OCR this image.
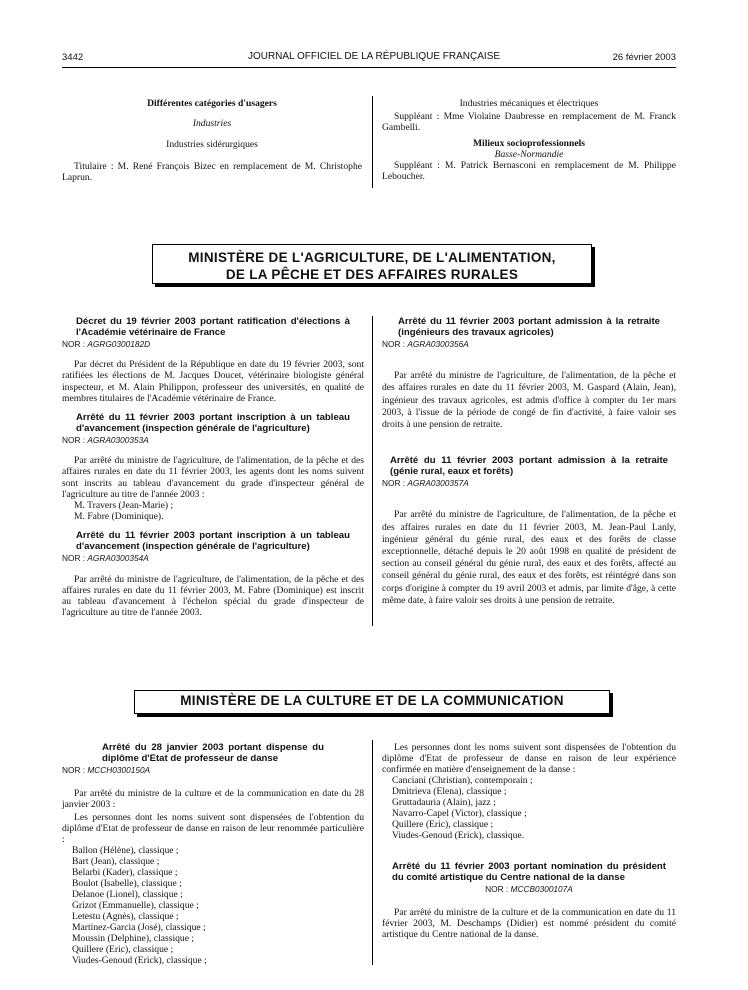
3442	JOURNAL OFFICIEL DE LA RÉPUBLIQUE FRANÇAISE	26 février 2003

Différentes catégories d'usagers

Industries

Industries sidérurgiques

Titulaire : M. René François Bizec en remplacement de M. Christophe Laprun.

Industries mécaniques et électriques

Suppléant : Mme Violaine Daubresse en remplacement de M. Franck Gambelli.

Milieux socioprofessionnels

Basse-Normandie

Suppléant : M. Patrick Bernasconi en remplacement de M. Philippe Leboucher.

MINISTÈRE DE L'AGRICULTURE, DE L'ALIMENTATION,
DE LA PÊCHE ET DES AFFAIRES RURALES

Décret du 19 février 2003 portant ratification d'élections à l'Académie vétérinaire de France

NOR : AGRG0300182D

Par décret du Président de la République en date du 19 février 2003, sont ratifiées les élections de M. Jacques Doucet, vétérinaire biologiste général inspecteur, et M. Alain Philippon, professeur des universités, en qualité de membres titulaires de l'Académie vétérinaire de France.

Arrêté du 11 février 2003 portant inscription à un tableau d'avancement (inspection générale de l'agriculture)

NOR : AGRA0300353A

Par arrêté du ministre de l'agriculture, de l'alimentation, de la pêche et des affaires rurales en date du 11 février 2003, les agents dont les noms suivent sont inscrits au tableau d'avancement du grade d'inspecteur général de l'agriculture au titre de l'année 2003 :

M. Travers (Jean-Marie) ;

M. Fabre (Dominique).

Arrêté du 11 février 2003 portant inscription à un tableau d'avancement (inspection générale de l'agriculture)

NOR : AGRA0300354A

Par arrêté du ministre de l'agriculture, de l'alimentation, de la pêche et des affaires rurales en date du 11 février 2003, M. Fabre (Dominique) est inscrit au tableau d'avancement à l'échelon spécial du grade d'inspecteur de l'agriculture au titre de l'année 2003.

Arrêté du 11 février 2003 portant admission à la retraite (ingénieurs des travaux agricoles)

NOR : AGRA0300356A

Par arrêté du ministre de l'agriculture, de l'alimentation, de la pêche et des affaires rurales en date du 11 février 2003, M. Gaspard (Alain, Jean), ingénieur des travaux agricoles, est admis d'office à compter du 1er mars 2003, à l'issue de la période de congé de fin d'activité, à faire valoir ses droits à une pension de retraite.

Arrêté du 11 février 2003 portant admission à la retraite (génie rural, eaux et forêts)

NOR : AGRA0300357A

Par arrêté du ministre de l'agriculture, de l'alimentation, de la pêche et des affaires rurales en date du 11 février 2003, M. Jean-Paul Lanly, ingénieur général du génie rural, des eaux et des forêts de classe exceptionnelle, détaché depuis le 20 août 1998 en qualité de président de section au conseil général du génie rural, des eaux et des forêts, affecté au conseil général du génie rural, des eaux et des forêts, est réintégré dans son corps d'origine à compter du 19 avril 2003 et admis, par limite d'âge, à cette même date, à faire valoir ses droits à une pension de retraite.

MINISTÈRE DE LA CULTURE ET DE LA COMMUNICATION

Arrêté du 28 janvier 2003 portant dispense du diplôme d'Etat de professeur de danse

NOR : MCCH0300150A

Par arrêté du ministre de la culture et de la communication en date du 28 janvier 2003 :

Les personnes dont les noms suivent sont dispensées de l'obtention du diplôme d'Etat de professeur de danse en raison de leur renommée particulière :

Ballon (Hélène), classique ;
Bart (Jean), classique ;
Belarbi (Kader), classique ;
Boulot (Isabelle), classique ;
Delanoe (Lionel), classique ;
Grizot (Emmanuelle), classique ;
Letestu (Agnès), classique ;
Martinez-Garcia (José), classique ;
Moussin (Delphine), classique ;
Quillere (Eric), classique ;
Viudes-Genoud (Erick), classique ;

Les personnes dont les noms suivent sont dispensées de l'obtention du diplôme d'Etat de professeur de danse en raison de leur expérience confirmée en matière d'enseignement de la danse :

Canciani (Christian), contemporain ;
Dmitrieva (Elena), classique ;
Gruttadauria (Alain), jazz ;
Navarro-Capel (Victor), classique ;
Quillere (Eric), classique ;
Viudes-Genoud (Erick), classique.

Arrêté du 11 février 2003 portant nomination du président du comité artistique du Centre national de la danse

NOR : MCCB0300107A

Par arrêté du ministre de la culture et de la communication en date du 11 février 2003, M. Deschamps (Didier) est nommé président du comité artistique du Centre national de la danse.
